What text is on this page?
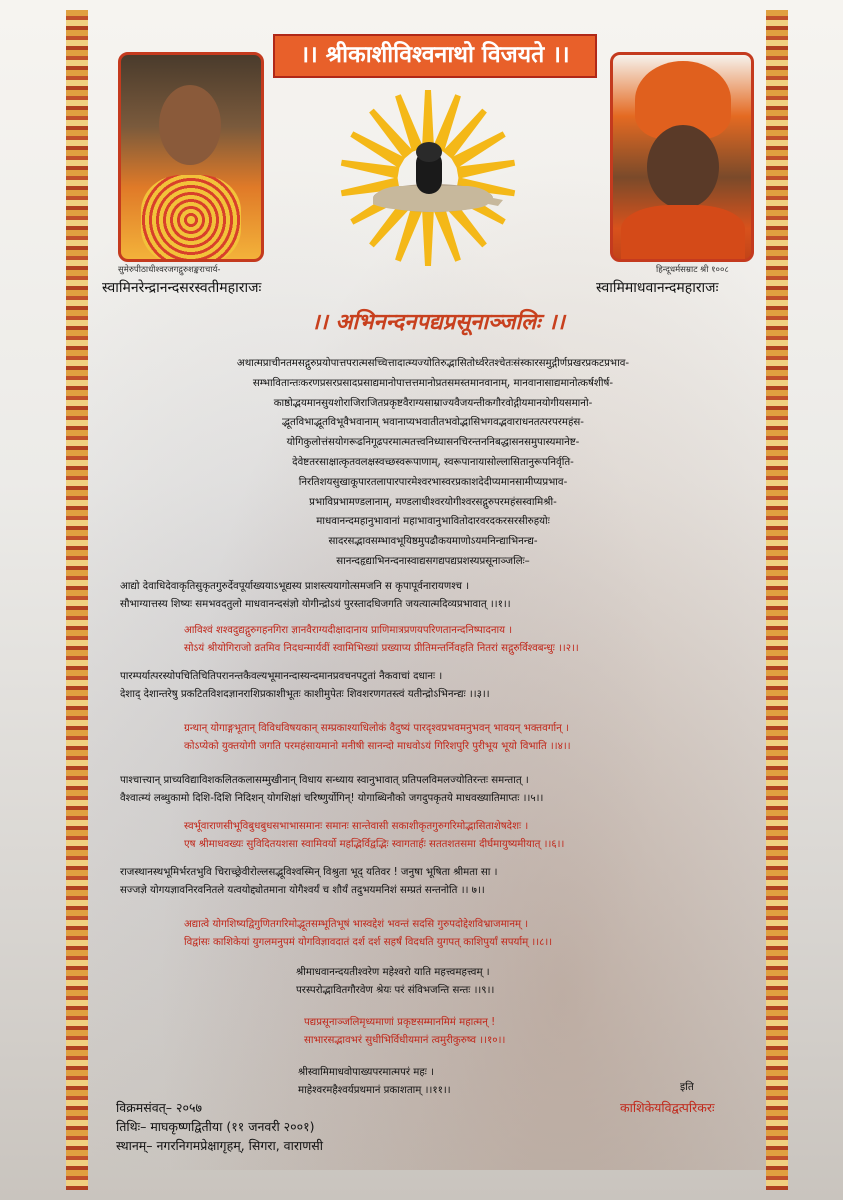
।। श्रीकाशीविश्वनाथो विजयते ।।
सुमेरुपीठाधीश्वरजगद्गुरुशङ्कराचार्य-
स्वामिनरेन्द्रानन्दसरस्वतीमहाराजः
हिन्दूधर्मसम्राट श्री १००८
स्वामिमाधवानन्दमहाराजः
।। अभिनन्दनपद्यप्रसूनाञ्जलिः ।।
अथात्मप्राचीनतमसद्गुरुप्रयोपात्तपरात्मसच्चित्तादात्म्यज्योतिरुद्भासितोर्ध्वरेतश्चेतःसंस्कारसमुद्गीर्णप्रखरप्रकटप्रभाव-
सम्भावितान्तःकरणप्रसरप्रसादप्रसाद्यमानोपात्तत्तमानोप्रतसमस्तमानवानाम्, मानवानासाद्यमानोत्कर्षशीर्ष-
काष्ठोद्भयमानसुयशोराजिराजितप्रकृष्टवैराग्यसाम्राज्यवैजयन्तीकगौरवोद्गीयमानयोगीयसमानो-
द्भूतविभाद्भूतविभूवैभवानाम् भवानाप्यभवातीतभवोद्भासिभगवद्भवाराधनतत्परपरमहंस-
योगिकुलोत्तंसयोगरूढनिगूढपरमात्मतत्त्वनिध्यासनचिरन्तननिबद्धासनसमुपास्यमानेष्ट-
देवेष्टतरसाक्षात्कृतवलक्षस्वच्छस्वरूपाणाम्, स्वरूपानायासोल्लासितानुरूपनिर्वृति-
निरतिशयसुखाकूपारतलापारपारमेश्वरभास्वरप्रकाशदेदीप्यमानसामीप्यप्रभाव-
प्रभाविप्रभामण्डलानाम्, मण्डलाधीश्वरयोगीश्वरसद्गुरुपरमहंसस्वामिश्री-
माधवानन्दमहानुभावानां महाभावानुभावितोदारवरदकरसरसीरुहयोः
सादरसद्भावसम्भावभूयिष्ठमुपढौकयमाणोऽयमनिन्द्याभिनन्द्य-
सानन्दहृद्याभिनन्दनास्वाद्यसगद्यपद्यप्रशस्यप्रसूनाञ्जलिः–
आद्यो देवाधिदेवाकृतिसुकृतगुरुर्देवपूर्याख्ययाऽभूद्यस्य प्राशस्त्ययागोत्समजनि स कृपापूर्वनारायणश्च ।
सौभाग्यात्तस्य शिष्यः समभवदतुलो माधवानन्दसंज्ञो योगीन्द्रोऽयं पुरस्तादधिजगति जयत्यात्मदिव्यप्रभावात् ।।१।।
आविश्वं शश्वदुद्यद्गुरुगहनगिरा ज्ञानवैराग्यदीक्षादानाय प्राणिमात्रप्रणयपरिणतानन्दनिष्पादनाय ।
सोऽयं श्रीयोगिराजो व्रतमिव निदधन्मार्यवीं स्वामिभिख्यां प्रख्याप्य प्रीतिमन्तर्निवहति नितरां सद्गुरुर्विश्वबन्धुः ।।२।।
पारम्पर्यात्परस्योपचितिचितिपरानन्तकैवल्यभूमानन्दास्यन्दमानप्रवचनपटुतां नैकवाचां दधानः ।
देशाद् देशान्तरेषु प्रकटितविशदज्ञानराशिप्रकाशीभूतः काशीमुपेतः शिवशरणगतस्त्वं यतीन्द्रोऽभिनन्द्यः ।।३।।
ग्रन्थान् योगाङ्गभूतान् विविधविषयकान् सम्प्रकाश्याधिलोकं वैदुष्यं पारदृश्वप्रभवमनुभवन् भावयन् भक्तवर्गान् ।
कोऽप्येको युक्तयोगी जगति परमहंसायमानो मनीषी सानन्दो माधवोऽयं गिरिशपुरि पुरीभूय भूयो विभाति ।।४।।
पाश्चात्त्यान् प्राच्यविद्याविशकलितकलासम्मुखीनान् विधाय सन्ध्याय स्वानुभावात् प्रतिपलविमलज्योतिरन्तः समन्तात् ।
वैश्वात्म्यं लब्धुकामो दिशि-दिशि निदिशन् योगशिक्षां चरिष्णुर्योगिन्! योगाब्धिनौको जगदुपकृतये माधवख्यातिमाप्तः ।।५।।
स्वर्भूवाराणसीभूविबुधबुधसभाभासमानः समानः सान्तेवासी सकाशीकृतगुरुगरिमोद्भासिताशेषदेशः ।
एष श्रीमाधवख्यः सुविदितयशसा स्वामिवर्यो महद्भिर्विद्वद्भिः स्वागतार्हः सततशतसमा दीर्घमायुष्यमीयात् ।।६।।
राजस्थानस्थभूमिर्भरतभुवि चिराच्छ्रेवीरोल्लसद्भूविश्वस्मिन् विश्रुता भूद् यतिवर ! जनुषा भूषिता श्रीमता सा ।
सज्जज्ञे योगयज्ञावनिरवनितले यत्वयोद्द्योतमाना योगैश्वर्यं च शौर्यं तदुभयमनिशं सम्प्रतं सन्तनोति ।। ७।।
अद्यात्वे योगशिष्यद्विगुणितगरिमोद्भूतसम्भूतिभूषं भास्वद्देशं भवन्तं सदसि गुरुपदोद्देशविभ्राजमानम् ।
विद्वांसः काशिकेयां युगलमनुपमं योगविज्ञावदातं दर्श दर्श सहर्षं विदधति युगपत् काशिपुर्यां सपर्याम् ।।८।।
श्रीमाधवानन्दयतीश्वरेण महेश्वरो याति महत्त्वमहत्त्वम् ।
परस्परोद्भावितगौरवेण श्रेयः परं संविभजन्ति सन्तः ।।९।।
पद्यप्रसूनाञ्जलिमृध्यमाणां प्रकृष्टसम्मानमिमं महात्मन् !
साभारसद्भावभरं सुधीभिर्विधीयमानं त्वमुरीकुरुष्व ।।१०।।
श्रीस्वामिमाधवोपाख्यपरमात्मपरं महः ।
माहेश्वरमहैश्वर्यप्रथमानं प्रकाशताम् ।।११।।
विक्रमसंवत्– २०५७
तिथिः– माघकृष्णद्वितीया (११ जनवरी २००१)
स्थानम्– नगरनिगमप्रेक्षागृहम्, सिगरा, वाराणसी
इति
काशिकेयविद्वत्परिकरः
